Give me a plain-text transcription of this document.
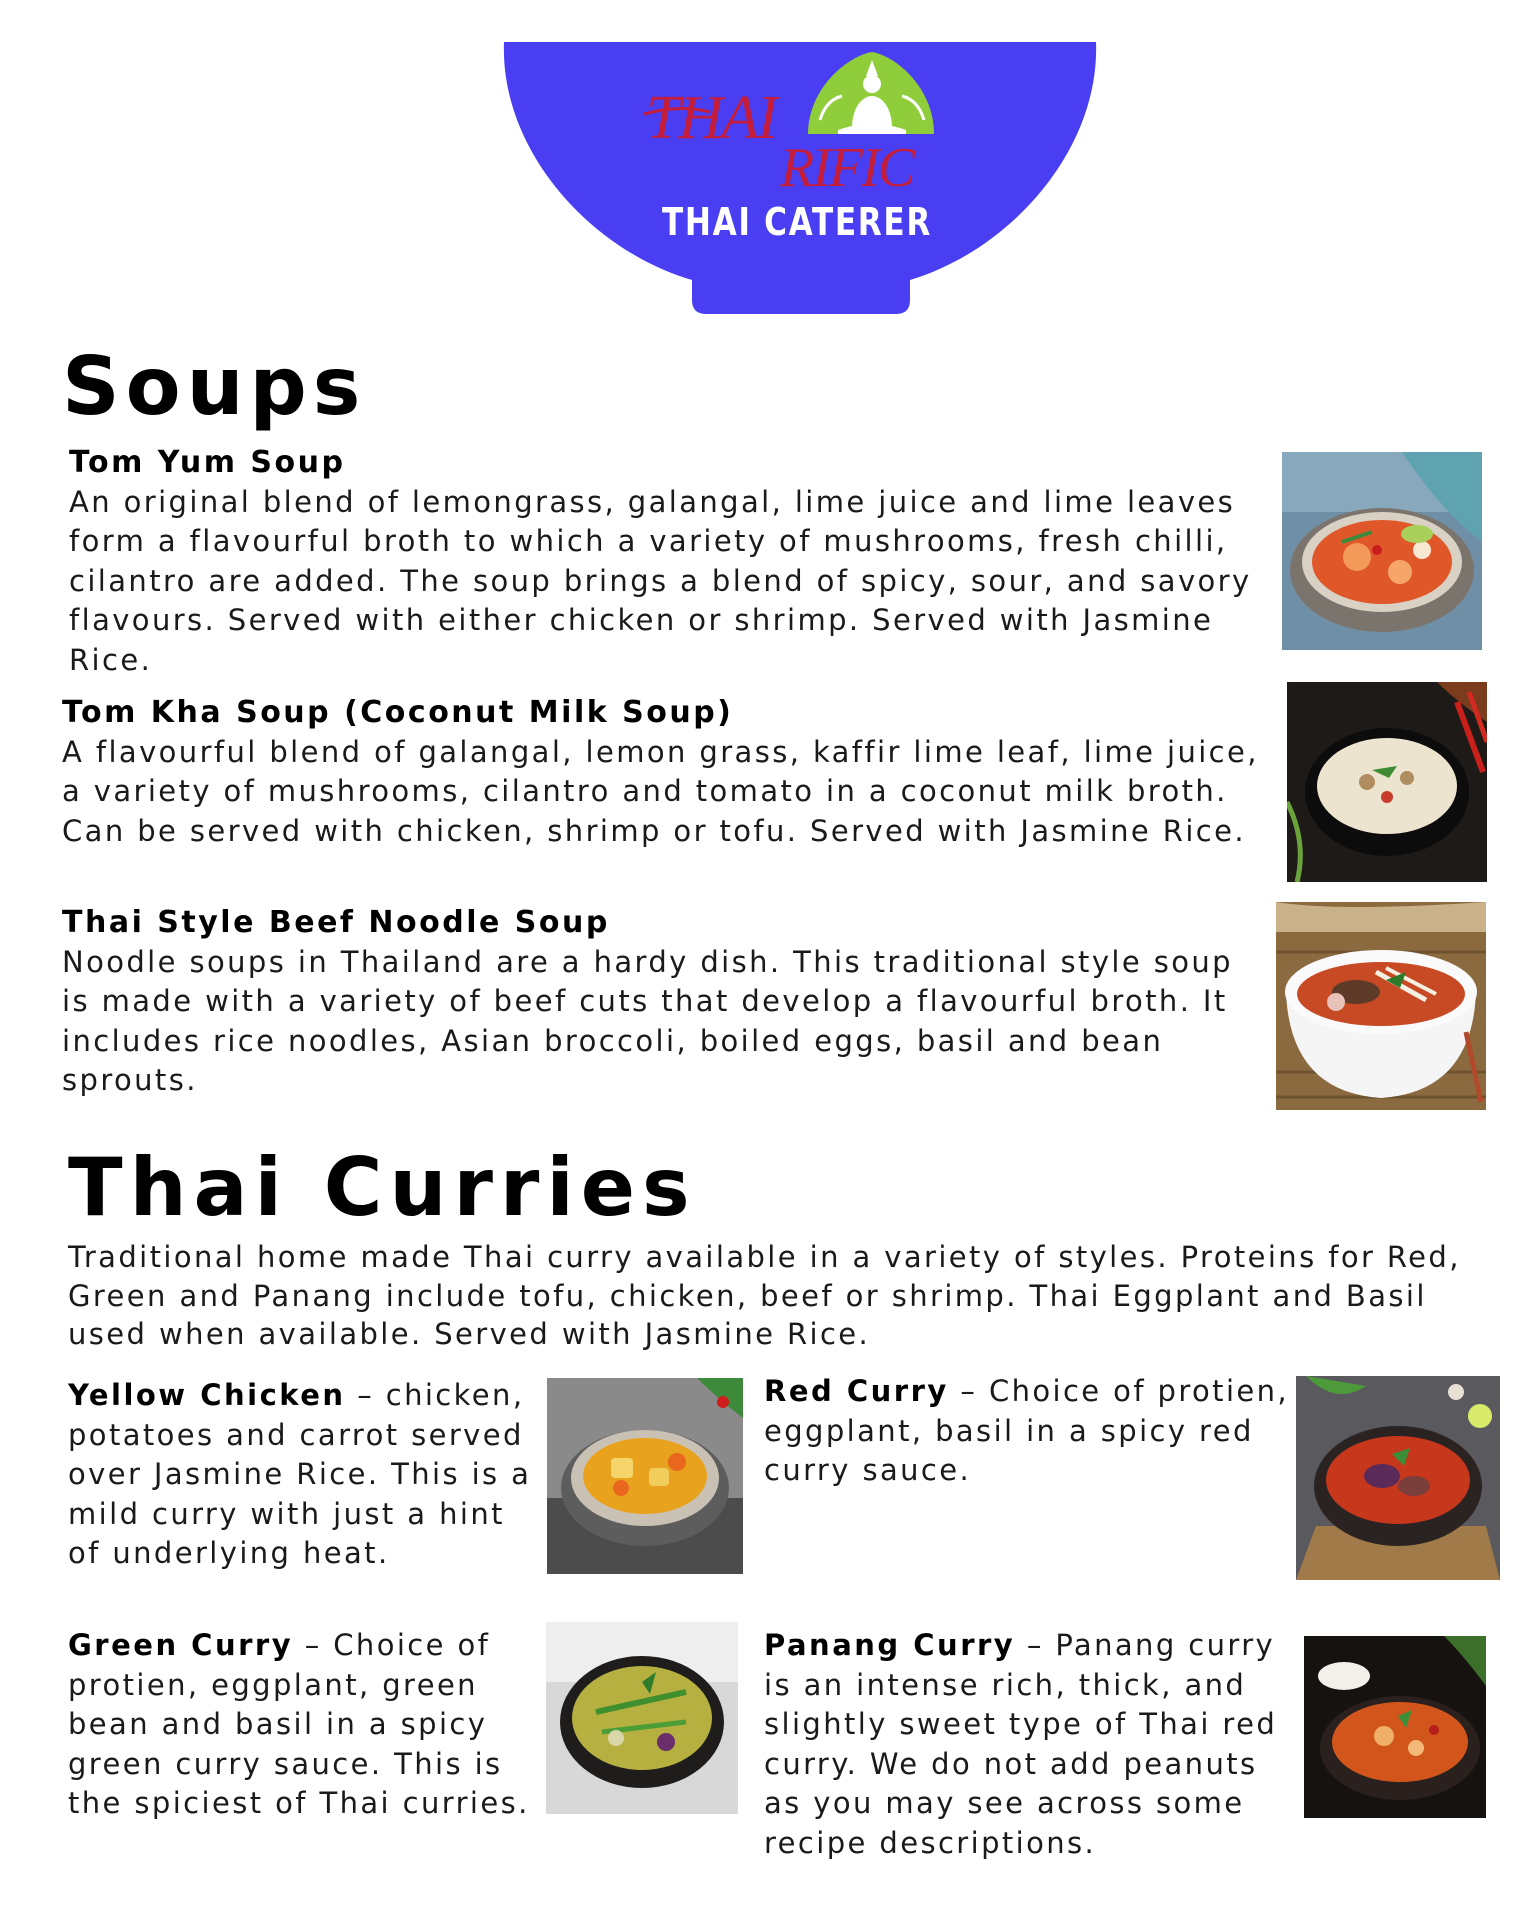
THAI
RIFIC
THAI CATERER
Soups
Tom Yum Soup
An original blend of lemongrass, galangal, lime juice and lime leaves form a flavourful broth to which a variety of mushrooms, fresh chilli, cilantro are added. The soup brings a blend of spicy, sour, and savory flavours. Served with either chicken or shrimp. Served with Jasmine Rice.
Tom Kha Soup (Coconut Milk Soup)
A flavourful blend of galangal, lemon grass, kaffir lime leaf, lime juice, a variety of mushrooms, cilantro and tomato in a coconut milk broth. Can be served with chicken, shrimp or tofu. Served with Jasmine Rice.
Thai Style Beef Noodle Soup
Noodle soups in Thailand are a hardy dish. This traditional style soup is made with a variety of beef cuts that develop a flavourful broth. It includes rice noodles, Asian broccoli, boiled eggs, basil and bean sprouts.
Thai Curries
Traditional home made Thai curry available in a variety of styles. Proteins for Red, Green and Panang include tofu, chicken, beef or shrimp. Thai Eggplant and Basil used when available. Served with Jasmine Rice.
Yellow Chicken – chicken, potatoes and carrot served over Jasmine Rice. This is a mild curry with just a hint of underlying heat.
Red Curry – Choice of protien, eggplant, basil in a spicy red curry sauce.
Green Curry – Choice of protien, eggplant, green bean and basil in a spicy green curry sauce. This is the spiciest of Thai curries.
Panang Curry – Panang curry is an intense rich, thick, and slightly sweet type of Thai red curry. We do not add peanuts as you may see across some recipe descriptions.
